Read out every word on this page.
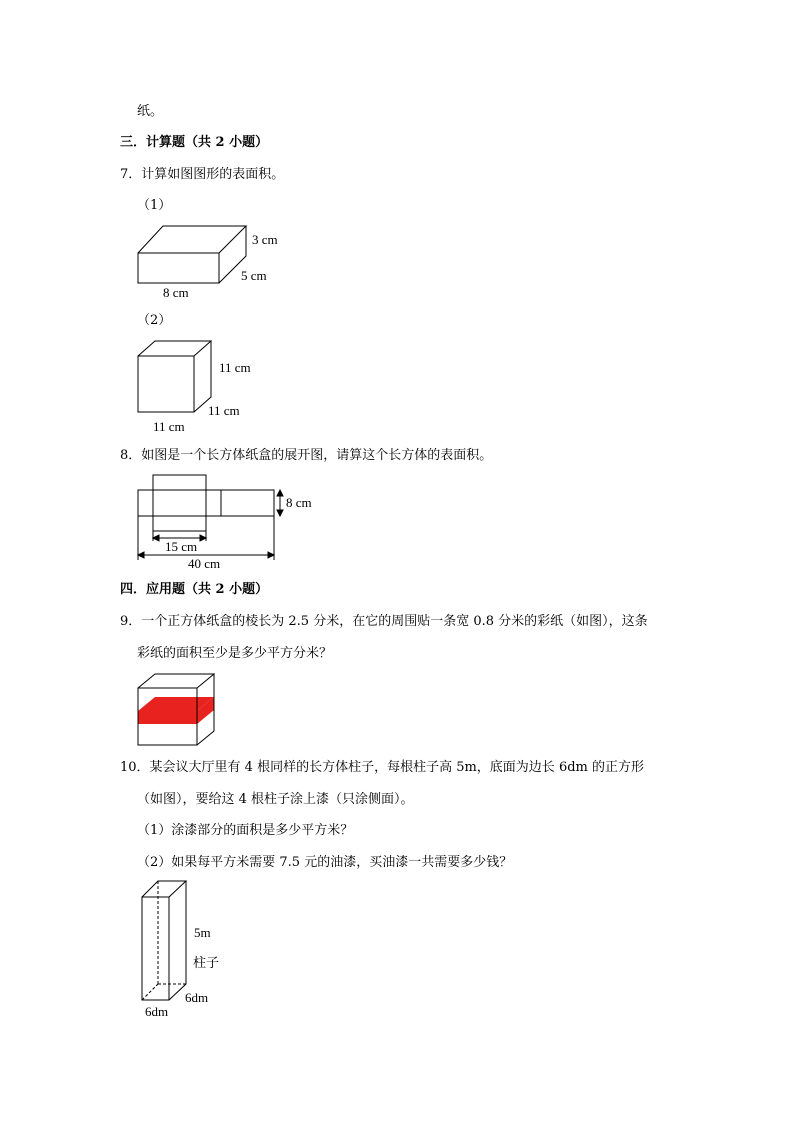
纸。
三．计算题（共 2 小题）
7．计算如图图形的表面积。
（1）
3 cm
5 cm
8 cm
（2）
11 cm
11 cm
11 cm
8．如图是一个长方体纸盒的展开图，请算这个长方体的表面积。
8 cm
15 cm
40 cm
四．应用题（共 2 小题）
9．一个正方体纸盒的棱长为 2.5 分米，在它的周围贴一条宽 0.8 分米的彩纸（如图），这条
彩纸的面积至少是多少平方分米？
10．某会议大厅里有 4 根同样的长方体柱子，每根柱子高 5m，底面为边长 6dm 的正方形
（如图），要给这 4 根柱子涂上漆（只涂侧面）。
（1）涂漆部分的面积是多少平方米？
（2）如果每平方米需要 7.5 元的油漆，买油漆一共需要多少钱？
5m
柱子
6dm
6dm
